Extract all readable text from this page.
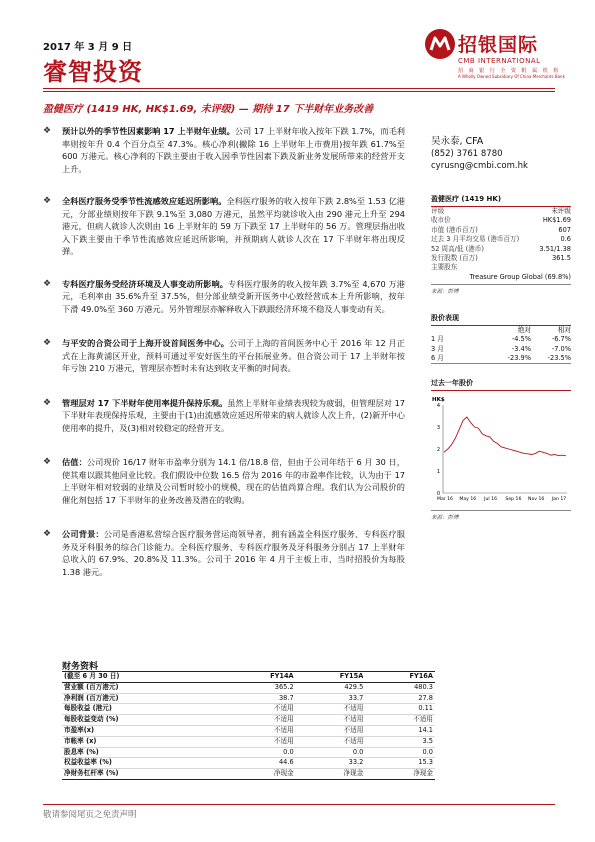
2017 年 3 月 9 日
睿智投资
招银国际
CMB INTERNATIONAL
招 商 银 行 全 资 附 属 机 构
A Wholly Owned Subsidiary Of China Merchants Bank
盈健医疗 (1419 HK, HK$1.69, 未评级) — 期待 17 下半财年业务改善
❖ 预计以外的季节性因素影响 17 上半财年业绩。公司 17 上半财年收入按年下跌 1.7%，而毛利率则按年升 0.4 个百分点至 47.3%。核心净利(撇除 16 上半财年上市费用)按年跌 61.7%至 600 万港元。核心净利的下跌主要由于收入因季节性因素下跌及新业务发展所带来的经营开支上升。
❖ 全科医疗服务受季节性流感效应延迟所影响。全科医疗服务的收入按年下跌 2.8%至 1.53 亿港元，分部业绩则按年下跌 9.1%至 3,080 万港元，虽然平均就诊收入由 290 港元上升至 294 港元，但病人就诊人次则由 16 上半财年的 59 万下跌至 17 上半财年的 56 万。管理层指出收入下跌主要由于季节性流感效应延迟所影响，并预期病人就诊人次在 17 下半财年将出现反弹。
❖ 专科医疗服务受经济环境及人事变动所影响。专科医疗服务的收入按年跌 3.7%至 4,670 万港元，毛利率由 35.6%升至 37.5%，但分部业绩受新开医务中心致经营成本上升所影响，按年下滑 49.0%至 360 万港元。另外管理层亦解释收入下跌跟经济环境不稳及人事变动有关。
❖ 与平安的合资公司于上海开设首间医务中心。公司于上海的首间医务中心于 2016 年 12 月正式在上海黄浦区开业，预料可通过平安好医生的平台拓展业务。但合资公司于 17 上半财年按年亏蚀 210 万港元，管理层亦暂时未有达到收支平衡的时间表。
❖ 管理层对 17 下半财年使用率提升保持乐观。虽然上半财年业绩表现较为疲弱，但管理层对 17 下半财年表现保持乐观，主要由于(1)由流感效应延迟所带来的病人就诊人次上升，(2)新开中心使用率的提升，及(3)相对较稳定的经营开支。
❖ 估值：公司现价 16/17 财年市盈率分别为 14.1 倍/18.8 倍，但由于公司年结于 6 月 30 日，使其难以跟其他同业比较。我们假设中位数 16.5 倍为 2016 年的市盈率作比较，认为由于 17 上半财年相对较弱的业绩及公司暂时较小的规模，现在的估值尚算合理。我们认为公司股价的催化剂包括 17 下半财年的业务改善及潜在的收购。
❖ 公司背景：公司是香港私营综合医疗服务营运商领导者，拥有涵盖全科医疗服务、专科医疗服务及牙科服务的综合门诊能力。全科医疗服务、专科医疗服务及牙科服务分别占 17 上半财年总收入的 67.9%、20.8%及 11.3%。公司于 2016 年 4 月于主板上市，当时招股价为每股 1.38 港元。
吴永泰, CFA
(852) 3761 8780
cyrusng@cmbi.com.hk
盈健医疗 (1419 HK)
评级	未评级
收市价	HK$1.69
市值 (港币百万)	607
过去 3 月平均交易 (港币百万)	0.6
52 周高/低 (港币)	3.51/1.38
发行股数 (百万)	361.5
主要股东
Treasure Group Global (69.8%)
来源：彭博
股价表现
绝对	相对
1 月	-4.5%	-6.7%
3 月	-3.4%	-7.0%
6 月	-23.9%	-23.5%
过去一年股价
HK$
0
1
2
3
4
Mar 16 May 16 Jul 16 Sep 16 Nov 16 Jan 17
来源：彭博
财务资料
(截至 6 月 30 日)	FY14A	FY15A	FY16A
营业额 (百万港元)	365.2	429.5	480.3
净利润 (百万港元)	38.7	33.7	27.8
每股收益 (港元)	不适用	不适用	0.11
每股收益变动 (%)	不适用	不适用	不适用
市盈率(x)	不适用	不适用	14.1
市帐率 (x)	不适用	不适用	3.5
股息率 (%)	0.0	0.0	0.0
权益收益率 (%)	44.6	33.2	15.3
净财务杠杆率 (%)	净现金	净现金	净现金
敬请参阅尾页之免责声明
